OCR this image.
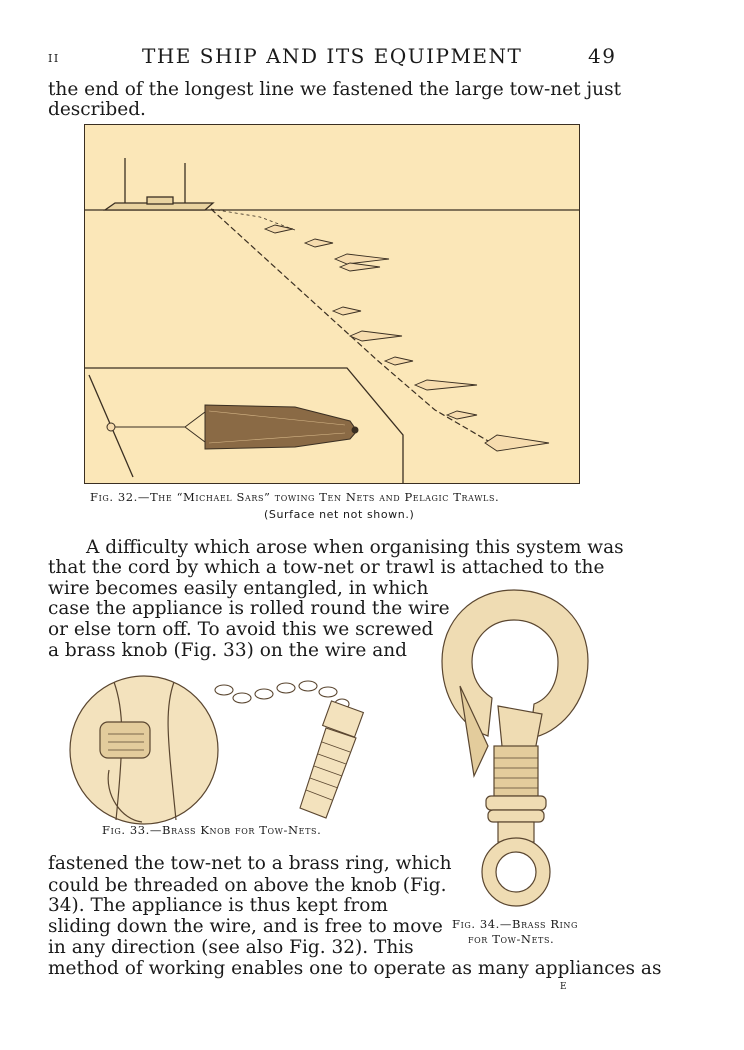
II	THE SHIP AND ITS EQUIPMENT	49
the end of the longest line we fastened the large tow-net just
described.
Fig. 32.—The “Michael Sars” towing Ten Nets and Pelagic Trawls.
(Surface net not shown.)
A difficulty which arose when organising this system was
that the cord by which a tow-net or trawl is attached to the
wire becomes easily entangled, in which
case the appliance is rolled round the wire
or else torn off. To avoid this we screwed
a brass knob (Fig. 33) on the wire and
Fig. 33.—Brass Knob for Tow-Nets.
Fig. 34.—Brass Ring
for Tow-Nets.
fastened the tow-net to a brass ring, which
could be threaded on above the knob (Fig.
34). The appliance is thus kept from
sliding down the wire, and is free to move
in any direction (see also Fig. 32). This
method of working enables one to operate as many appliances as
E
